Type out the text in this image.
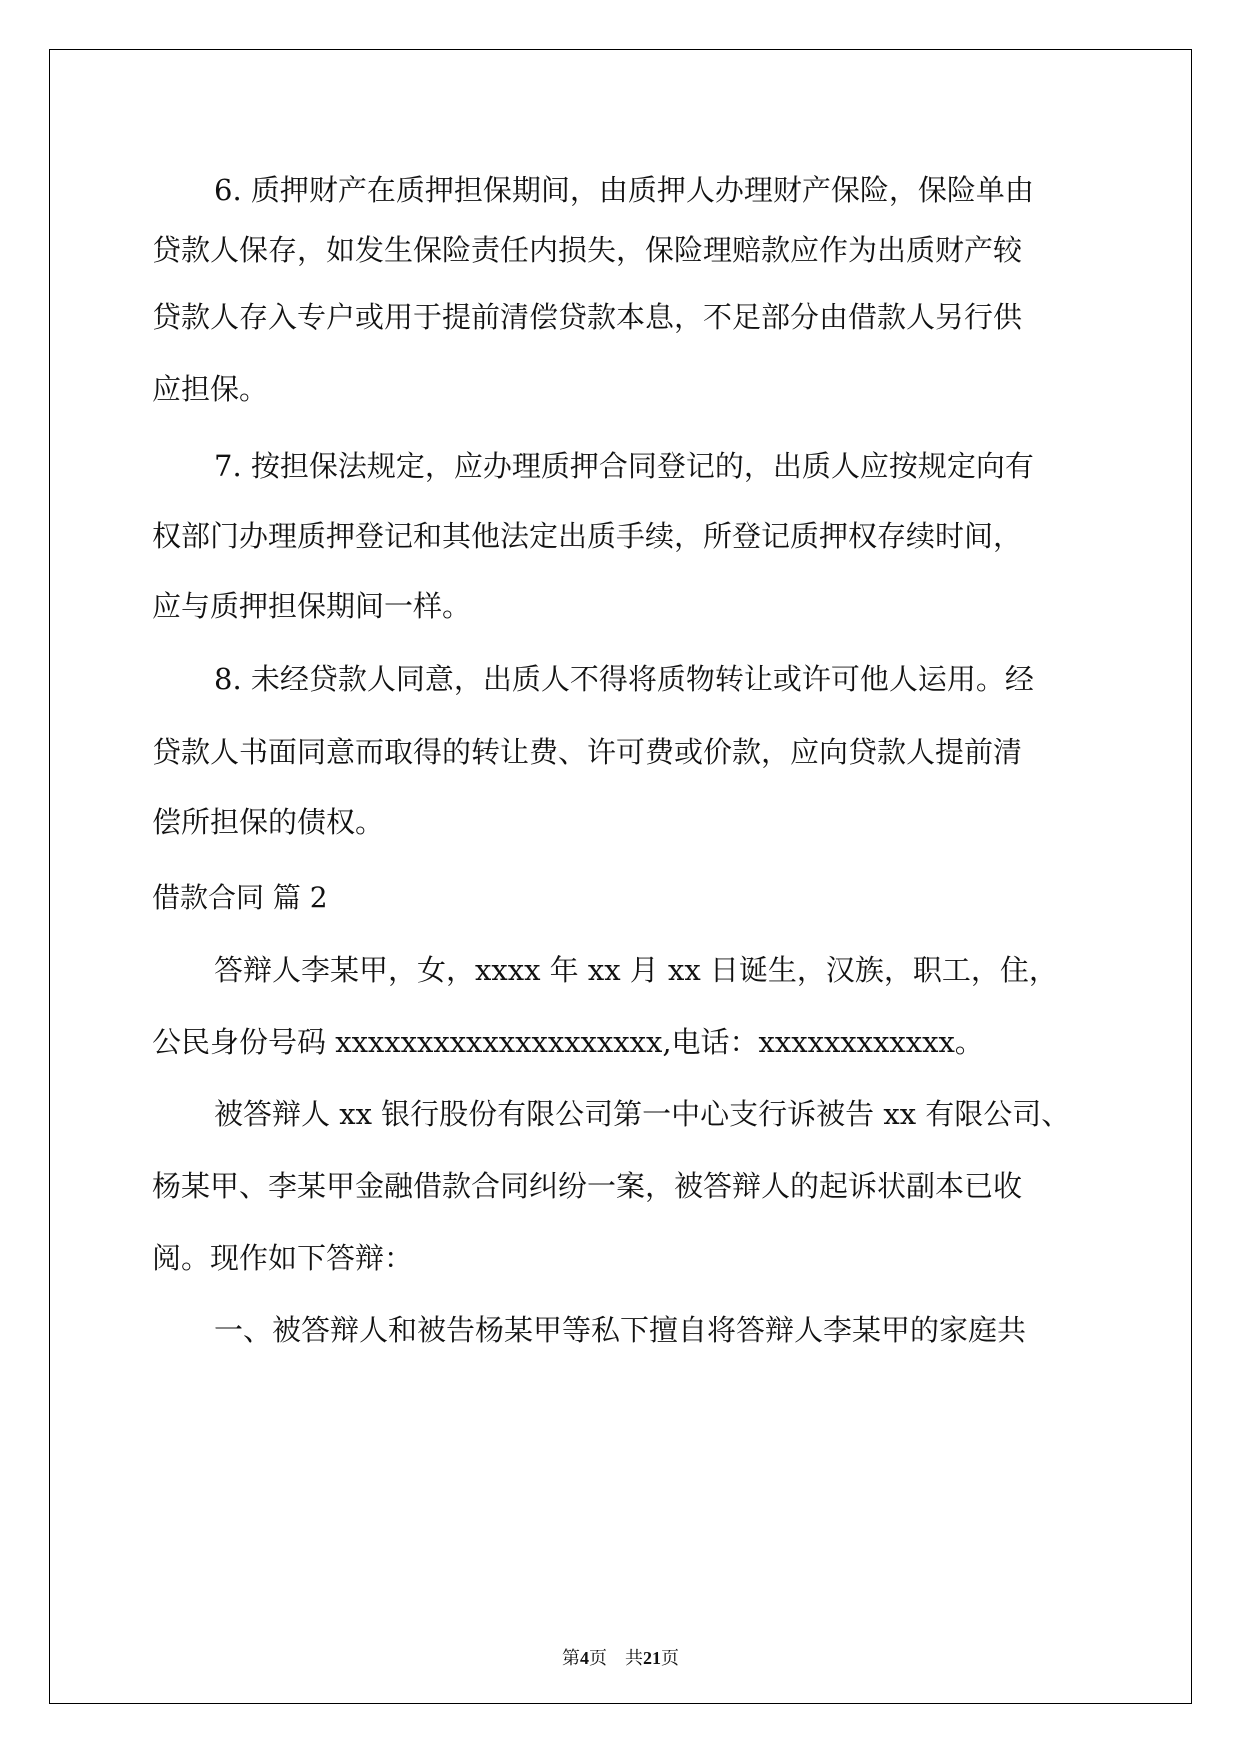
6. 质押财产在质押担保期间，由质押人办理财产保险，保险单由

贷款人保存，如发生保险责任内损失，保险理赔款应作为出质财产较

贷款人存入专户或用于提前清偿贷款本息，不足部分由借款人另行供

应担保。

7. 按担保法规定，应办理质押合同登记的，出质人应按规定向有

权部门办理质押登记和其他法定出质手续，所登记质押权存续时间，

应与质押担保期间一样。

8. 未经贷款人同意，出质人不得将质物转让或许可他人运用。经

贷款人书面同意而取得的转让费、许可费或价款，应向贷款人提前清

偿所担保的债权。

借款合同 篇 2

答辩人李某甲，女，xxxx 年 xx 月 xx 日诞生，汉族，职工，住，

公民身份号码 xxxxxxxxxxxxxxxxxxxx,电话：xxxxxxxxxxxx。

被答辩人 xx 银行股份有限公司第一中心支行诉被告 xx 有限公司、

杨某甲、李某甲金融借款合同纠纷一案，被答辩人的起诉状副本已收

阅。现作如下答辩：

一、被答辩人和被告杨某甲等私下擅自将答辩人李某甲的家庭共

第4页 共21页
